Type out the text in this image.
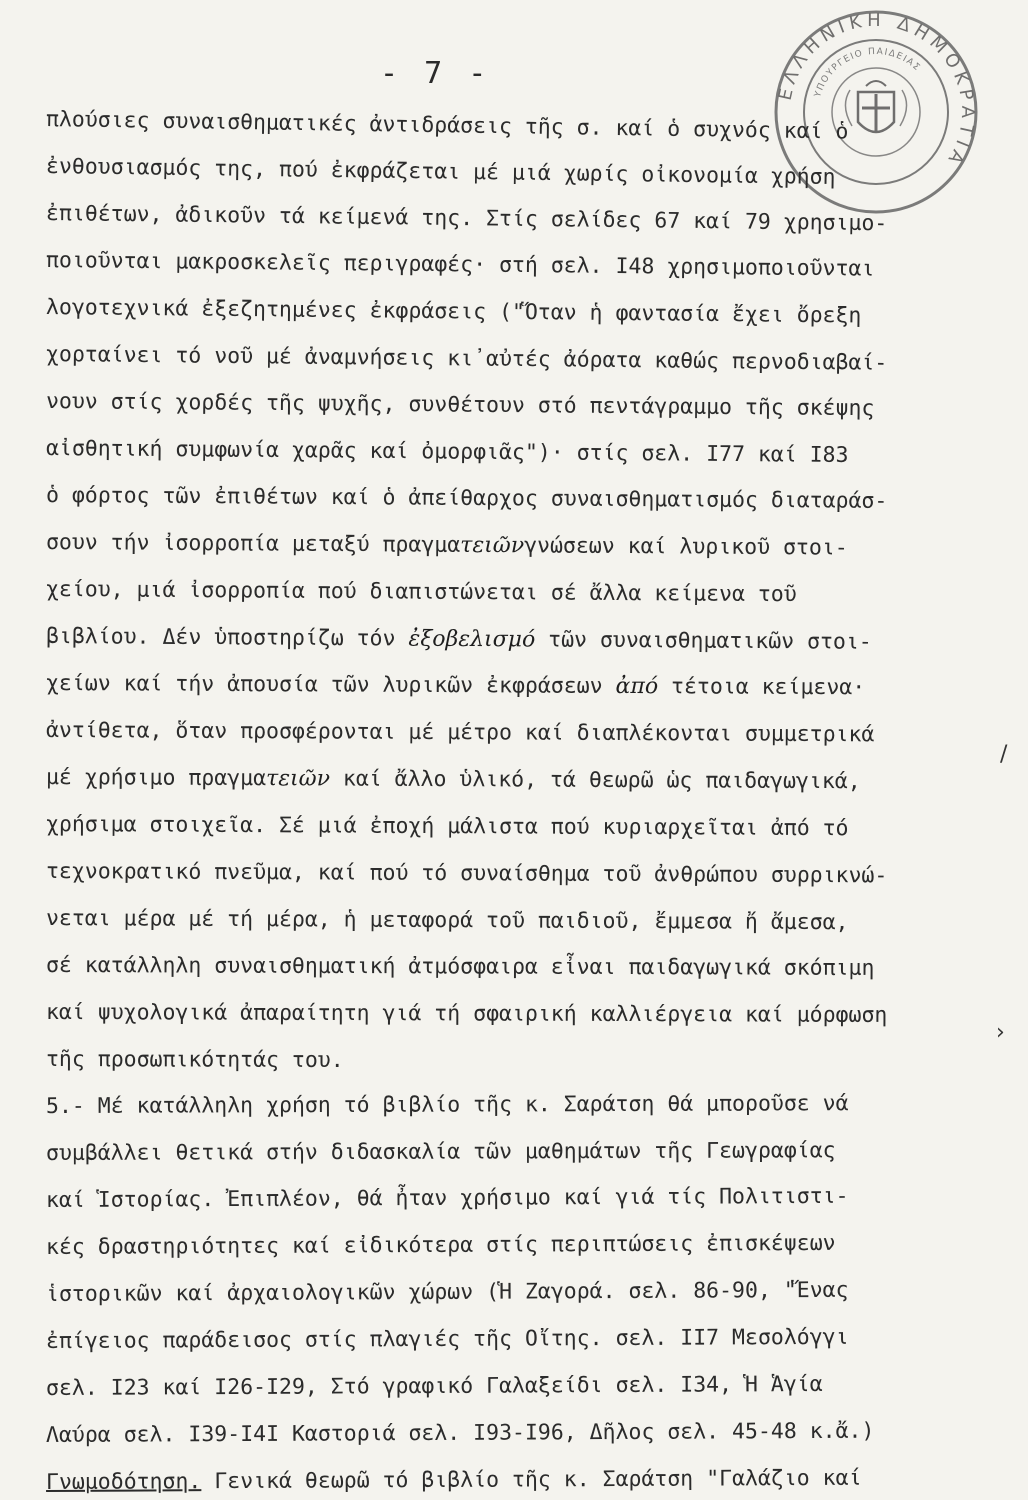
- 7 -
ΕΛΛΗΝΙΚΗ ΔΗΜΟΚΡΑΤΙΑ
ΥΠΟΥΡΓΕΙΟ ΠΑΙΔΕΙΑΣ
πλούσιες συναισθηματικές ἀντιδράσεις τῆς σ. καί ὁ συχνός καί ὁ
ἐνθουσιασμός της, πού ἐκφράζεται μέ μιά χωρίς οἰκονομία χρήση
ἐπιθέτων, ἀδικοῦν τά κείμενά της. Στίς σελίδες 67 καί 79 χρησιμο-
ποιοῦνται μακροσκελεῖς περιγραφές· στή σελ. I48 χρησιμοποιοῦνται
λογοτεχνικά ἐξεζητημένες ἐκφράσεις ("Ὅταν ἡ φαντασία ἔχει ὄρεξη
χορταίνει τό νοῦ μέ ἀναμνήσεις κι᾽αὐτές ἀόρατα καθώς περνοδιαβαί-
νουν στίς χορδές τῆς ψυχῆς, συνθέτουν στό πεντάγραμμο τῆς σκέψης
αἰσθητική συμφωνία χαρᾶς καί ὀμορφιᾶς")· στίς σελ. I77 καί I83
ὁ φόρτος τῶν ἐπιθέτων καί ὁ ἀπείθαρχος συναισθηματισμός διαταράσ-
σουν τήν ἰσορροπία μεταξύ πραγματειῶνγνώσεων καί λυρικοῦ στοι-
χείου, μιά ἰσορροπία πού διαπιστώνεται σέ ἄλλα κείμενα τοῦ
βιβλίου. Δέν ὑποστηρίζω τόν ἐξοβελισμό τῶν συναισθηματικῶν στοι-
χείων καί τήν ἀπουσία τῶν λυρικῶν ἐκφράσεων ἀπό τέτοια κείμενα·
ἀντίθετα, ὅταν προσφέρονται μέ μέτρο καί διαπλέκονται συμμετρικά
μέ χρήσιμο πραγματειῶν καί ἄλλο ὑλικό, τά θεωρῶ ὡς παιδαγωγικά,
χρήσιμα στοιχεῖα. Σέ μιά ἐποχή μάλιστα πού κυριαρχεῖται ἀπό τό
τεχνοκρατικό πνεῦμα, καί πού τό συναίσθημα τοῦ ἀνθρώπου συρρικνώ-
νεται μέρα μέ τή μέρα, ἡ μεταφορά τοῦ παιδιοῦ, ἔμμεσα ἤ ἄμεσα,
σέ κατάλληλη συναισθηματική ἀτμόσφαιρα εἶναι παιδαγωγικά σκόπιμη
καί ψυχολογικά ἀπαραίτητη γιά τή σφαιρική καλλιέργεια καί μόρφωση
τῆς προσωπικότητάς του.
5.- Μέ κατάλληλη χρήση τό βιβλίο τῆς κ. Σαράτση θά μποροῦσε νά
συμβάλλει θετικά στήν διδασκαλία τῶν μαθημάτων τῆς Γεωγραφίας
καί Ἱστορίας. Ἐπιπλέον, θά ἦταν χρήσιμο καί γιά τίς Πολιτιστι-
κές δραστηριότητες καί εἰδικότερα στίς περιπτώσεις ἐπισκέψεων
ἱστορικῶν καί ἀρχαιολογικῶν χώρων (Ἡ Ζαγορά. σελ. 86-90, "Ἕνας
ἐπίγειος παράδεισος στίς πλαγιές τῆς Οἴτης. σελ. II7 Μεσολόγγι
σελ. I23 καί I26-I29, Στό γραφικό Γαλαξείδι σελ. I34, Ἡ Ἁγία
Λαύρα σελ. I39-I4I Καστοριά σελ. I93-I96, Δῆλος σελ. 45-48 κ.ἄ.)
Γνωμοδότηση. Γενικά θεωρῶ τό βιβλίο τῆς κ. Σαράτση "Γαλάζιο καί
/
›
